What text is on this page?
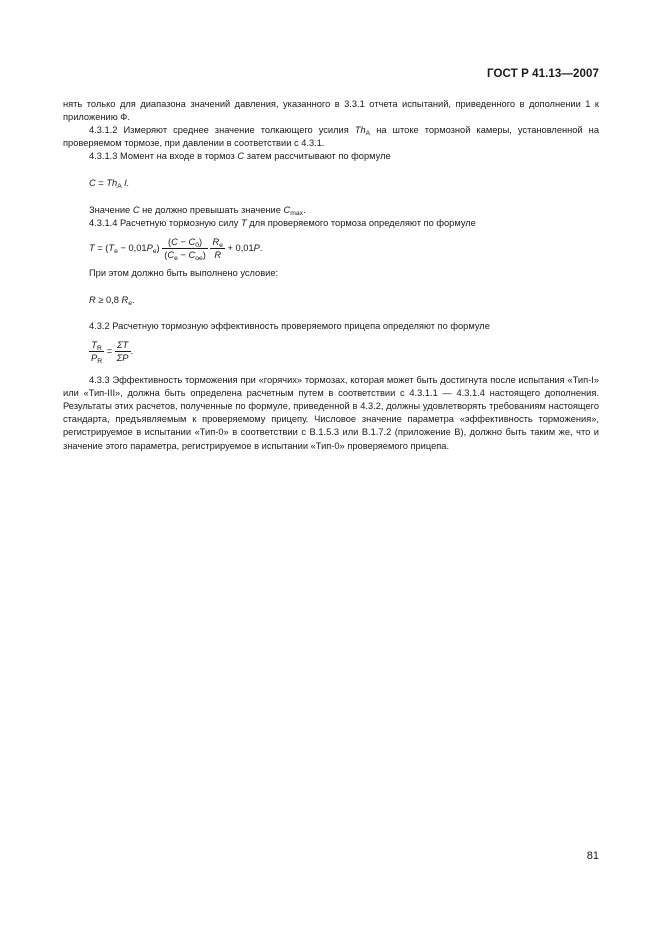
ГОСТ Р 41.13—2007

нять только для диапазона значений давления, указанного в 3.3.1 отчета испытаний, приведенного в дополнении 1 к приложению Ф.

4.3.1.2 Измеряют среднее значение толкающего усилия $Th_A$ на штоке тормозной камеры, установленной на проверяемом тормозе, при давлении в соответствии с 4.3.1.

4.3.1.3 Момент на входе в тормоз C затем рассчитывают по формуле

$C = Th_A$ l.

Значение C не должно превышать значение $C_{max}$.

4.3.1.4 Расчетную тормозную силу T для проверяемого тормоза определяют по формуле

$T = (T_e - 0,01P_e) \frac{(C - C_0)}{(C_e - C_{oe})}$
$\frac{R_e}{R} + 0,01P$.

При этом должно быть выполнено условие:

R ≥ 0,8 $R_e$.

4.3.2 Расчетную тормозную эффективность проверяемого прицепа определяют по формуле

$\frac{T_R}{P_R} = \frac{\Sigma T}{\Sigma P}$ .

4.3.3 Эффективность торможения при «горячих» тормозах, которая может быть достигнута после испытания «Тип-I» или «Тип-III», должна быть определена расчетным путем в соответствии с 4.3.1.1 — 4.3.1.4 настоящего дополнения. Результаты этих расчетов, полученные по формуле, приведенной в 4.3.2, должны удовлетворять требованиям настоящего стандарта, предъявляемым к проверяемому прицепу. Числовое значение параметра «эффективность торможения», регистрируемое в испытании «Тип-0» в соответствии с В.1.5.3 или В.1.7.2 (приложение В), должно быть таким же, что и значение этого параметра, регистрируемое в испытании «Тип-0» проверяемого прицепа.

81
